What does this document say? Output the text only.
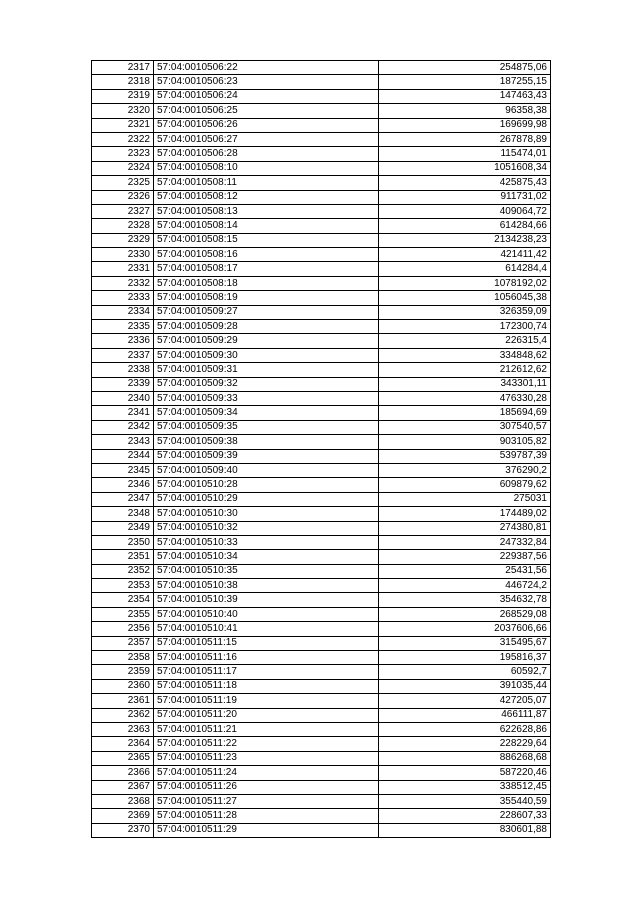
2317	57:04:0010506:22	254875,06
2318	57:04:0010506:23	187255,15
2319	57:04:0010506:24	147463,43
2320	57:04:0010506:25	96358,38
2321	57:04:0010506:26	169699,98
2322	57:04:0010506:27	267878,89
2323	57:04:0010506:28	115474,01
2324	57:04:0010508:10	1051608,34
2325	57:04:0010508:11	425875,43
2326	57:04:0010508:12	911731,02
2327	57:04:0010508:13	409064,72
2328	57:04:0010508:14	614284,66
2329	57:04:0010508:15	2134238,23
2330	57:04:0010508:16	421411,42
2331	57:04:0010508:17	614284,4
2332	57:04:0010508:18	1078192,02
2333	57:04:0010508:19	1056045,38
2334	57:04:0010509:27	326359,09
2335	57:04:0010509:28	172300,74
2336	57:04:0010509:29	226315,4
2337	57:04:0010509:30	334848,62
2338	57:04:0010509:31	212612,62
2339	57:04:0010509:32	343301,11
2340	57:04:0010509:33	476330,28
2341	57:04:0010509:34	185694,69
2342	57:04:0010509:35	307540,57
2343	57:04:0010509:38	903105,82
2344	57:04:0010509:39	539787,39
2345	57:04:0010509:40	376290,2
2346	57:04:0010510:28	609879,62
2347	57:04:0010510:29	275031
2348	57:04:0010510:30	174489,02
2349	57:04:0010510:32	274380,81
2350	57:04:0010510:33	247332,84
2351	57:04:0010510:34	229387,56
2352	57:04:0010510:35	25431,56
2353	57:04:0010510:38	446724,2
2354	57:04:0010510:39	354632,78
2355	57:04:0010510:40	268529,08
2356	57:04:0010510:41	2037606,66
2357	57:04:0010511:15	315495,67
2358	57:04:0010511:16	195816,37
2359	57:04:0010511:17	60592,7
2360	57:04:0010511:18	391035,44
2361	57:04:0010511:19	427205,07
2362	57:04:0010511:20	466111,87
2363	57:04:0010511:21	622628,86
2364	57:04:0010511:22	228229,64
2365	57:04:0010511:23	886268,68
2366	57:04:0010511:24	587220,46
2367	57:04:0010511:26	338512,45
2368	57:04:0010511:27	355440,59
2369	57:04:0010511:28	228607,33
2370	57:04:0010511:29	830601,88
